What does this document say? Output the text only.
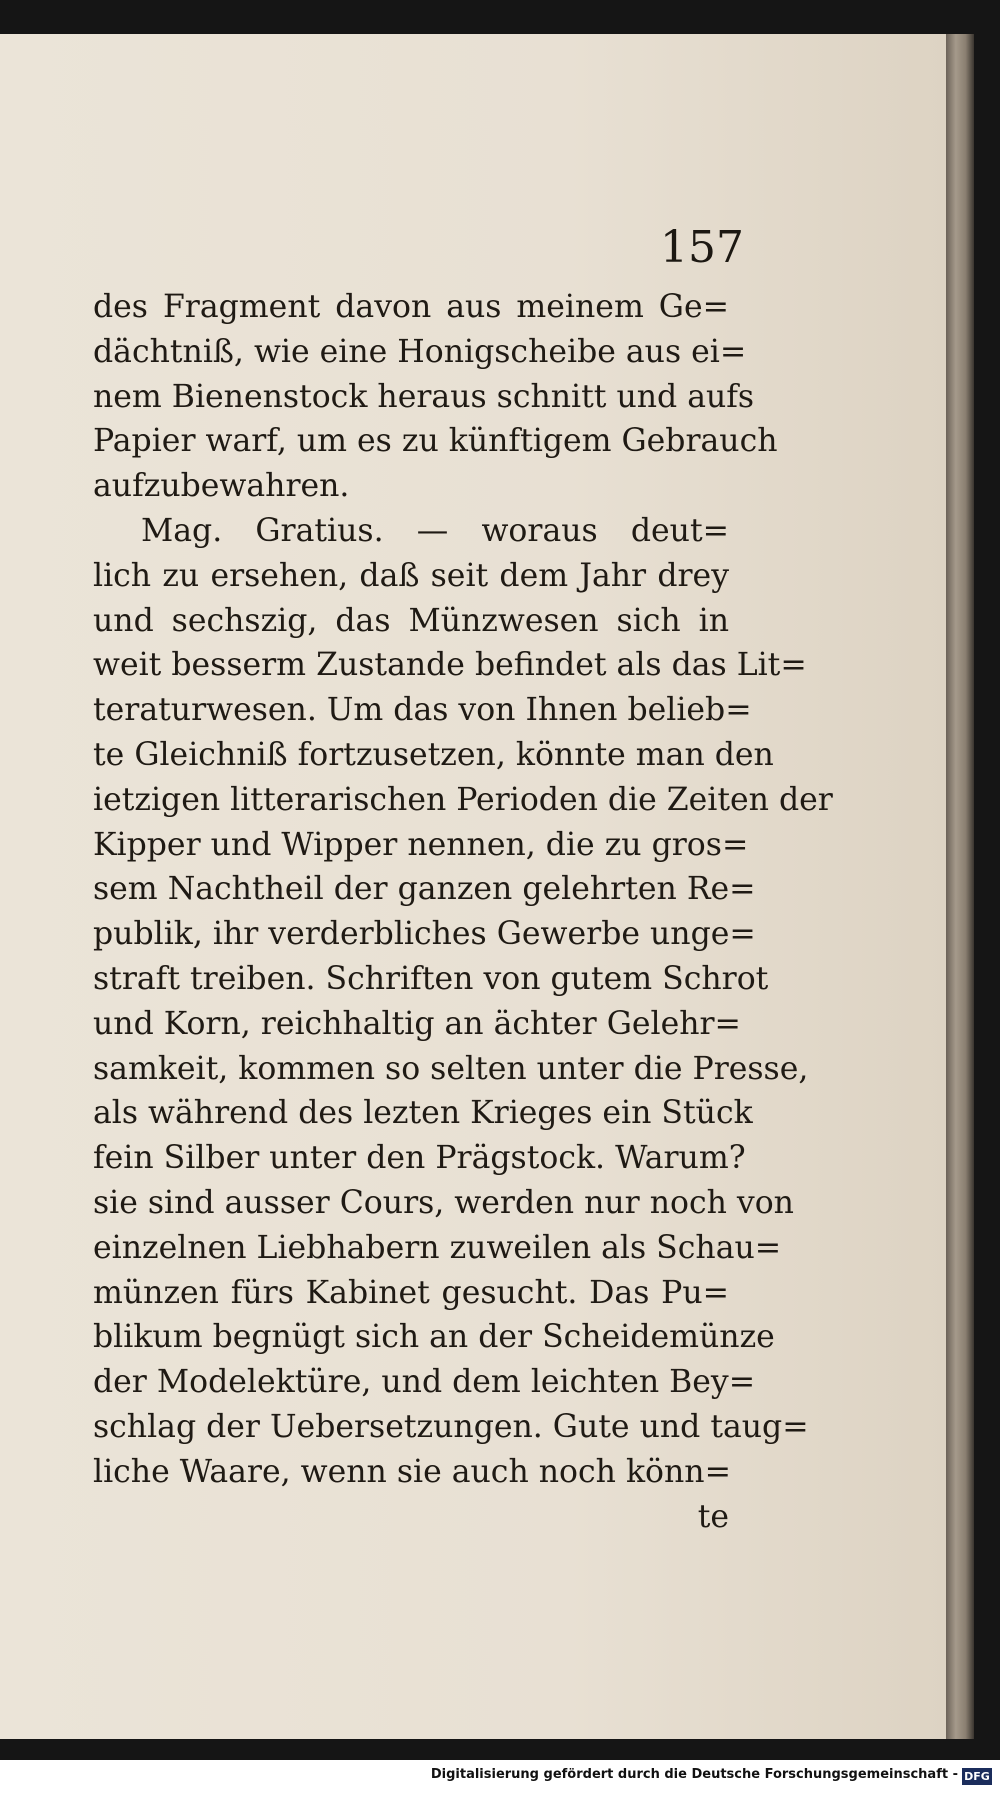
157
des Fragment davon aus meinem Ge=
dächtniß, wie eine Honigscheibe aus ei=
nem Bienenstock heraus schnitt und aufs
Papier warf, um es zu künftigem Gebrauch
aufzubewahren.
Mag. Gratius. — woraus deut=
lich zu ersehen, daß seit dem Jahr drey
und sechszig, das Münzwesen sich in
weit besserm Zustande befindet als das Lit=
teraturwesen. Um das von Ihnen belieb=
te Gleichniß fortzusetzen, könnte man den
ietzigen litterarischen Perioden die Zeiten der
Kipper und Wipper nennen, die zu gros=
sem Nachtheil der ganzen gelehrten Re=
publik, ihr verderbliches Gewerbe unge=
straft treiben. Schriften von gutem Schrot
und Korn, reichhaltig an ächter Gelehr=
samkeit, kommen so selten unter die Presse,
als während des lezten Krieges ein Stück
fein Silber unter den Prägstock. Warum?
sie sind ausser Cours, werden nur noch von
einzelnen Liebhabern zuweilen als Schau=
münzen fürs Kabinet gesucht. Das Pu=
blikum begnügt sich an der Scheidemünze
der Modelektüre, und dem leichten Bey=
schlag der Uebersetzungen. Gute und taug=
liche Waare, wenn sie auch noch könn=
te
Digitalisierung gefördert durch die Deutsche Forschungsgemeinschaft - DFG
